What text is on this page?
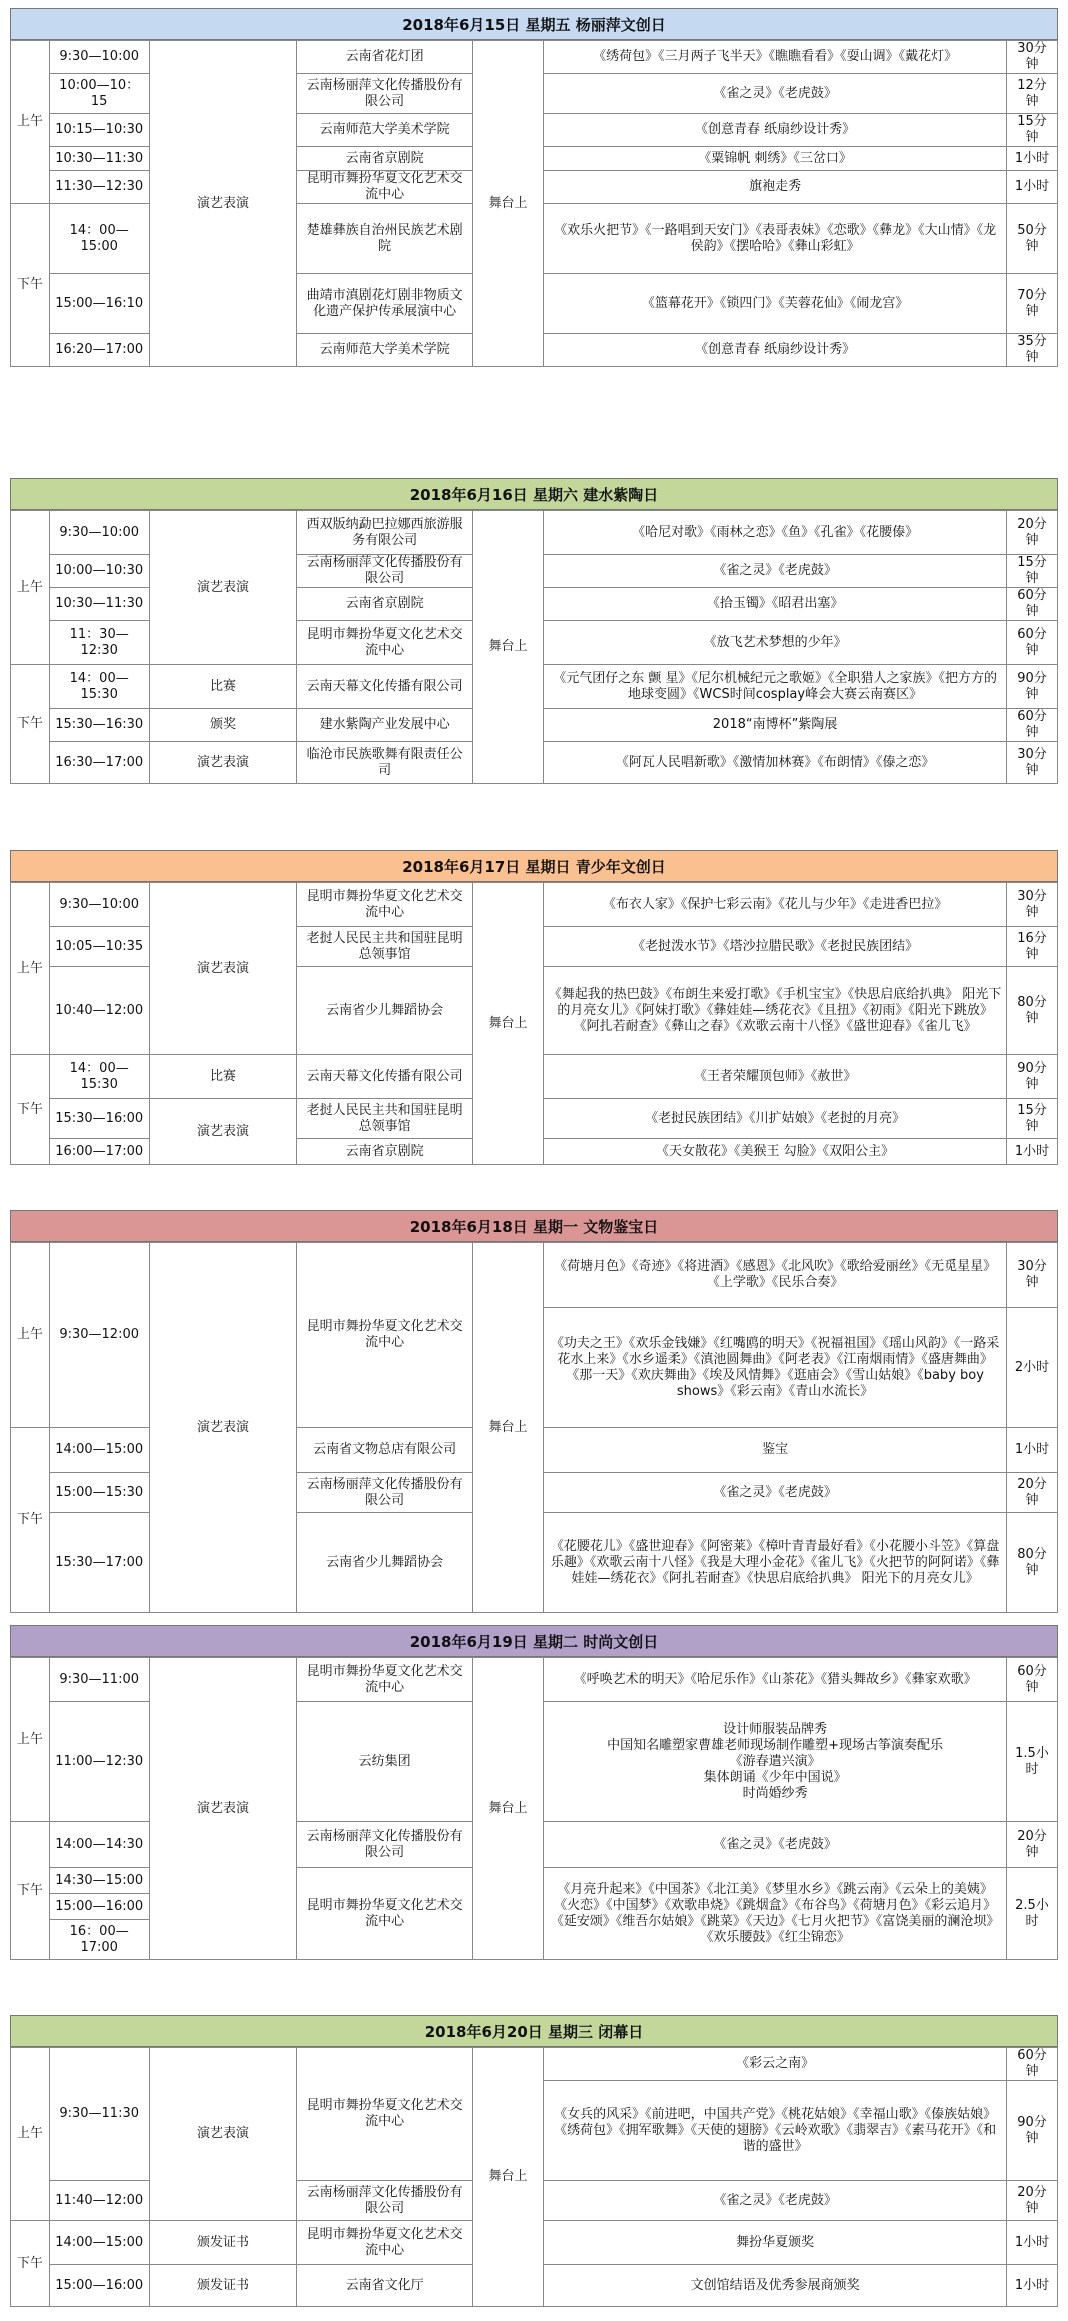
2018年6月15日 星期五 杨丽萍文创日
上午	9:30—10:00	演艺表演	云南省花灯团	舞台上	《绣荷包》《三月两子飞半天》《瞧瞧看看》《耍山调》《戴花灯》	30分钟
	10:00—10：15		云南杨丽萍文化传播股份有限公司		《雀之灵》《老虎鼓》	12分钟
	10:15—10:30		云南师范大学美术学院		《创意青春 纸扇纱设计秀》	15分钟
	10:30—11:30		云南省京剧院		《粟锦帆 刺绣》《三岔口》	1小时
	11:30—12:30		昆明市舞扮华夏文化艺术交流中心		旗袍走秀	1小时
下午	14：00—15:00		楚雄彝族自治州民族艺术剧院		《欢乐火把节》《一路唱到天安门》《表哥表妹》《恋歌》《彝龙》《大山情》《龙侯韵》《摆哈哈》《彝山彩虹》	50分钟
	15:00—16:10		曲靖市滇剧花灯剧非物质文化遗产保护传承展演中心		《篮幕花开》《锁四门》《芙蓉花仙》《闹龙宫》	70分钟
	16:20—17:00		云南师范大学美术学院		《创意青春 纸扇纱设计秀》	35分钟
2018年6月16日 星期六 建水紫陶日
上午	9:30—10:00	演艺表演	西双版纳勐巴拉娜西旅游服务有限公司	舞台上	《哈尼对歌》《雨林之恋》《鱼》《孔雀》《花腰傣》	20分钟
	10:00—10:30		云南杨丽萍文化传播股份有限公司		《雀之灵》《老虎鼓》	15分钟
	10:30—11:30		云南省京剧院		《拾玉镯》《昭君出塞》	60分钟
	11：30—12:30		昆明市舞扮华夏文化艺术交流中心		《放飞艺术梦想的少年》	60分钟
下午	14：00—15:30	比赛	云南天幕文化传播有限公司		《元气团仔之东 颤 星》《尼尔机械纪元之歌姬》《全职猎人之家族》《把方方的地球变圆》《WCS时间cosplay峰会大赛云南赛区》	90分钟
	15:30—16:30	颁奖	建水紫陶产业发展中心		2018“南博杯”紫陶展	60分钟
	16:30—17:00	演艺表演	临沧市民族歌舞有限责任公司		《阿瓦人民唱新歌》《激情加林赛》《布朗情》《傣之恋》	30分钟
2018年6月17日 星期日 青少年文创日
上午	9:30—10:00	演艺表演	昆明市舞扮华夏文化艺术交流中心	舞台上	《布衣人家》《保护七彩云南》《花儿与少年》《走进香巴拉》	30分钟
	10:05—10:35		老挝人民民主共和国驻昆明总领事馆		《老挝泼水节》《塔沙拉腊民歌》《老挝民族团结》	16分钟
	10:40—12:00		云南省少儿舞蹈协会		《舞起我的热巴鼓》《布朗生来爱打歌》《手机宝宝》《快思启底给扒典》 阳光下的月亮女儿》《阿妹打歌》《彝娃娃—绣花衣》《且扭》《初雨》《阳光下跳放》《阿扎若耐查》《彝山之春》《欢歌云南十八怪》《盛世迎春》《雀儿飞》	80分钟
下午	14：00—15:30	比赛	云南天幕文化传播有限公司		《王者荣耀顶包师》《赦世》	90分钟
	15:30—16:00	演艺表演	老挝人民民主共和国驻昆明总领事馆		《老挝民族团结》《川扩姑娘》《老挝的月亮》	15分钟
	16:00—17:00		云南省京剧院		《天女散花》《美猴王 勾脸》《双阳公主》	1小时
2018年6月18日 星期一 文物鉴宝日
上午	9:30—12:00	演艺表演	昆明市舞扮华夏文化艺术交流中心	舞台上	《荷塘月色》《奇迹》《将进酒》《感恩》《北风吹》《歌给爱丽丝》《无觅星星》《上学歌》《民乐合奏》	30分钟
					《功夫之王》《欢乐金钱嫌》《红嘴鸥的明天》《祝福祖国》《瑶山风韵》《一路采花水上来》《水乡遥柔》《滇池圆舞曲》《阿老表》《江南烟雨情》《盛唐舞曲》《那一天》《欢庆舞曲》《埃及风情舞》《逛庙会》《雪山姑娘》《baby boy shows》《彩云南》《青山水流长》	2小时
下午	14:00—15:00		云南省文物总店有限公司		鉴宝	1小时
	15:00—15:30		云南杨丽萍文化传播股份有限公司		《雀之灵》《老虎鼓》	20分钟
	15:30—17:00		云南省少儿舞蹈协会		《花腰花儿》《盛世迎春》《阿密莱》《樟叶青青最好看》《小花腰小斗笠》《算盘乐趣》《欢歌云南十八怪》《我是大理小金花》《雀儿飞》《火把节的阿阿诺》《彝娃娃—绣花衣》《阿扎若耐查》《快思启底给扒典》 阳光下的月亮女儿》	80分钟
2018年6月19日 星期二 时尚文创日
上午	9:30—11:00	演艺表演	昆明市舞扮华夏文化艺术交流中心	舞台上	《呼唤艺术的明天》《哈尼乐作》《山茶花》《猎头舞故乡》《彝家欢歌》	60分钟
	11:00—12:30		云纺集团		设计师服装品牌秀
中国知名雕塑家曹雄老师现场制作雕塑+现场古筝演奏配乐
《游春遣兴演》
集体朗诵《少年中国说》
时尚婚纱秀	1.5小时
下午	14:00—14:30		云南杨丽萍文化传播股份有限公司		《雀之灵》《老虎鼓》	20分钟
	14:30—15:00		昆明市舞扮华夏文化艺术交流中心		《月亮升起来》《中国茶》《北江美》《梦里水乡》《跳云南》《云朵上的美姨》《火恋》《中国梦》《欢歌串烧》《跳烟盒》《布谷鸟》《荷塘月色》《彩云追月》《延安颂》《维吾尔姑娘》《跳菜》《天边》《七月火把节》《富饶美丽的澜沧坝》《欢乐腰鼓》《红尘锦恋》	2.5小时
	15:00—16:00					
	16：00—17:00					
2018年6月20日 星期三 闭幕日
上午	9:30—11:30	演艺表演	昆明市舞扮华夏文化艺术交流中心	舞台上	《彩云之南》	60分钟
					《女兵的风采》《前进吧，中国共产党》《桃花姑娘》《幸福山歌》《傣族姑娘》《绣荷包》《拥军歌舞》《天使的翅膀》《云岭欢歌》《翡翠吉》《素马花开》《和谐的盛世》	90分钟
	11:40—12:00		云南杨丽萍文化传播股份有限公司		《雀之灵》《老虎鼓》	20分钟
下午	14:00—15:00	颁发证书	昆明市舞扮华夏文化艺术交流中心		舞扮华夏颁奖	1小时
	15:00—16:00	颁发证书	云南省文化厅		文创馆结语及优秀参展商颁奖	1小时
